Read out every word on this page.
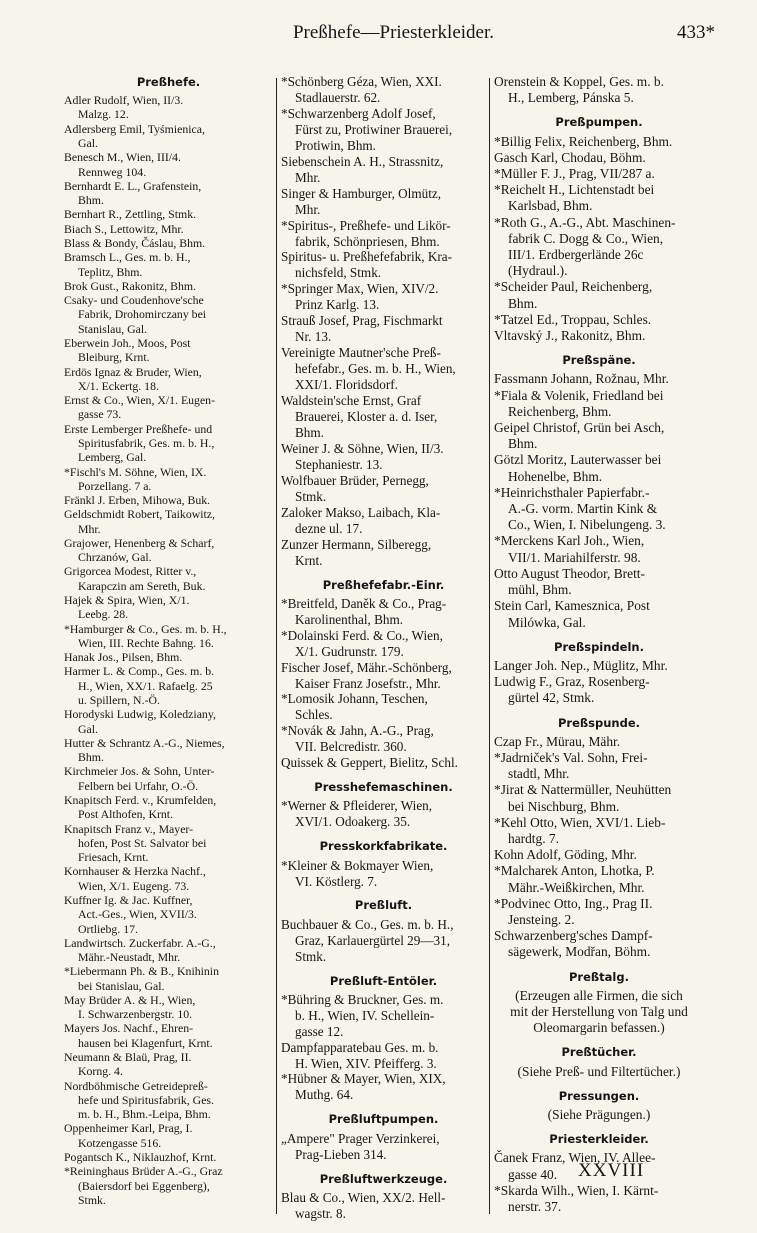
Preßhefe—Priesterkleider.	433*
Preßhefe.
Adler Rudolf, Wien, II/3.
Malzg. 12.
Adlersberg Emil, Tyśmienica,
Gal.
Benesch M., Wien, III/4.
Rennweg 104.
Bernhardt E. L., Grafenstein,
Bhm.
Bernhart R., Zettling, Stmk.
Biach S., Lettowitz, Mhr.
Blass & Bondy, Čáslau, Bhm.
Bramsch L., Ges. m. b. H.,
Teplitz, Bhm.
Brok Gust., Rakonitz, Bhm.
Csaky- und Coudenhove'sche
Fabrik, Drohomirczany bei
Stanislau, Gal.
Eberwein Joh., Moos, Post
Bleiburg, Krnt.
Erdös Ignaz & Bruder, Wien,
X/1. Eckertg. 18.
Ernst & Co., Wien, X/1. Eugen-
gasse 73.
Erste Lemberger Preßhefe- und
Spiritusfabrik, Ges. m. b. H.,
Lemberg, Gal.
*Fischl's M. Söhne, Wien, IX.
Porzellang. 7 a.
Fränkl J. Erben, Mihowa, Buk.
Geldschmidt Robert, Taikowitz,
Mhr.
Grajower, Henenberg & Scharf,
Chrzanów, Gal.
Grigorcea Modest, Ritter v.,
Karapczin am Sereth, Buk.
Hajek & Spira, Wien, X/1.
Leebg. 28.
*Hamburger & Co., Ges. m. b. H.,
Wien, III. Rechte Bahng. 16.
Hanak Jos., Pilsen, Bhm.
Harmer L. & Comp., Ges. m. b.
H., Wien, XX/1. Rafaelg. 25
u. Spillern, N.-Ö.
Horodyski Ludwig, Koledziany,
Gal.
Hutter & Schrantz A.-G., Niemes,
Bhm.
Kirchmeier Jos. & Sohn, Unter-
Felbern bei Urfahr, O.-Ö.
Knapitsch Ferd. v., Krumfelden,
Post Althofen, Krnt.
Knapitsch Franz v., Mayer-
hofen, Post St. Salvator bei
Friesach, Krnt.
Kornhauser & Herzka Nachf.,
Wien, X/1. Eugeng. 73.
Kuffner Ig. & Jac. Kuffner,
Act.-Ges., Wien, XVII/3.
Ortliebg. 17.
Landwirtsch. Zuckerfabr. A.-G.,
Mähr.-Neustadt, Mhr.
*Liebermann Ph. & B., Knihinin
bei Stanislau, Gal.
May Brüder A. & H., Wien,
I. Schwarzenbergstr. 10.
Mayers Jos. Nachf., Ehren-
hausen bei Klagenfurt, Krnt.
Neumann & Blaü, Prag, II.
Korng. 4.
Nordböhmische Getreidepreß-
hefe und Spiritusfabrik, Ges.
m. b. H., Bhm.-Leipa, Bhm.
Oppenheimer Karl, Prag, I.
Kotzengasse 516.
Pogantsch K., Niklauzhof, Krnt.
*Reininghaus Brüder A.-G., Graz
(Baiersdorf bei Eggenberg),
Stmk.
*Schönberg Géza, Wien, XXI.
Stadlauerstr. 62.
*Schwarzenberg Adolf Josef,
Fürst zu, Protiwiner Brauerei,
Protiwin, Bhm.
Siebenschein A. H., Strassnitz,
Mhr.
Singer & Hamburger, Olmütz,
Mhr.
*Spiritus-, Preßhefe- und Likör-
fabrik, Schönpriesen, Bhm.
Spiritus- u. Preßhefefabrik, Kra-
nichsfeld, Stmk.
*Springer Max, Wien, XIV/2.
Prinz Karlg. 13.
Strauß Josef, Prag, Fischmarkt
Nr. 13.
Vereinigte Mautner'sche Preß-
hefefabr., Ges. m. b. H., Wien,
XXI/1. Floridsdorf.
Waldstein'sche Ernst, Graf
Brauerei, Kloster a. d. Iser,
Bhm.
Weiner J. & Söhne, Wien, II/3.
Stephaniestr. 13.
Wolfbauer Brüder, Pernegg,
Stmk.
Zaloker Makso, Laibach, Kla-
dezne ul. 17.
Zunzer Hermann, Silberegg,
Krnt.
Preßhefefabr.-Einr.
*Breitfeld, Daněk & Co., Prag-
Karolinenthal, Bhm.
*Dolainski Ferd. & Co., Wien,
X/1. Gudrunstr. 179.
Fischer Josef, Mähr.-Schönberg,
Kaiser Franz Josefstr., Mhr.
*Lomosik Johann, Teschen,
Schles.
*Novák & Jahn, A.-G., Prag,
VII. Belcredistr. 360.
Quissek & Geppert, Bielitz, Schl.
Presshefemaschinen.
*Werner & Pfleiderer, Wien,
XVI/1. Odoakerg. 35.
Presskorkfabrikate.
*Kleiner & Bokmayer Wien,
VI. Köstlerg. 7.
Preßluft.
Buchbauer & Co., Ges. m. b. H.,
Graz, Karlauergürtel 29—31,
Stmk.
Preßluft-Entöler.
*Bühring & Bruckner, Ges. m.
b. H., Wien, IV. Schellein-
gasse 12.
Dampfapparatebau Ges. m. b.
H. Wien, XIV. Pfeifferg. 3.
*Hübner & Mayer, Wien, XIX,
Muthg. 64.
Preßluftpumpen.
„Ampere" Prager Verzinkerei,
Prag-Lieben 314.
Preßluftwerkzeuge.
Blau & Co., Wien, XX/2. Hell-
wagstr. 8.
Orenstein & Koppel, Ges. m. b.
H., Lemberg, Pánska 5.
Preßpumpen.
*Billig Felix, Reichenberg, Bhm.
Gasch Karl, Chodau, Böhm.
*Müller F. J., Prag, VII/287 a.
*Reichelt H., Lichtenstadt bei
Karlsbad, Bhm.
*Roth G., A.-G., Abt. Maschinen-
fabrik C. Dogg & Co., Wien,
III/1. Erdbergerlände 26c
(Hydraul.).
*Scheider Paul, Reichenberg,
Bhm.
*Tatzel Ed., Troppau, Schles.
Vltavský J., Rakonitz, Bhm.
Preßspäne.
Fassmann Johann, Rožnau, Mhr.
*Fiala & Volenik, Friedland bei
Reichenberg, Bhm.
Geipel Christof, Grün bei Asch,
Bhm.
Götzl Moritz, Lauterwasser bei
Hohenelbe, Bhm.
*Heinrichsthaler Papierfabr.-
A.-G. vorm. Martin Kink &
Co., Wien, I. Nibelungeng. 3.
*Merckens Karl Joh., Wien,
VII/1. Mariahilferstr. 98.
Otto August Theodor, Brett-
mühl, Bhm.
Stein Carl, Kamesznica, Post
Milówka, Gal.
Preßspindeln.
Langer Joh. Nep., Müglitz, Mhr.
Ludwig F., Graz, Rosenberg-
gürtel 42, Stmk.
Preßspunde.
Czap Fr., Mürau, Mähr.
*Jadrniček's Val. Sohn, Frei-
stadtl, Mhr.
*Jirat & Nattermüller, Neuhütten
bei Nischburg, Bhm.
*Kehl Otto, Wien, XVI/1. Lieb-
hardtg. 7.
Kohn Adolf, Göding, Mhr.
*Malcharek Anton, Lhotka, P.
Mähr.-Weißkirchen, Mhr.
*Podvinec Otto, Ing., Prag II.
Jensteing. 2.
Schwarzenberg'sches Dampf-
sägewerk, Modřan, Böhm.
Preßtalg.
(Erzeugen alle Firmen, die sich
mit der Herstellung von Talg und
Oleomargarin befassen.)
Preßtücher.
(Siehe Preß- und Filtertücher.)
Pressungen.
(Siehe Prägungen.)
Priesterkleider.
Čanek Franz, Wien, IV. Allee-
gasse 40.
*Skarda Wilh., Wien, I. Kärnt-
nerstr. 37.
XXVIII
